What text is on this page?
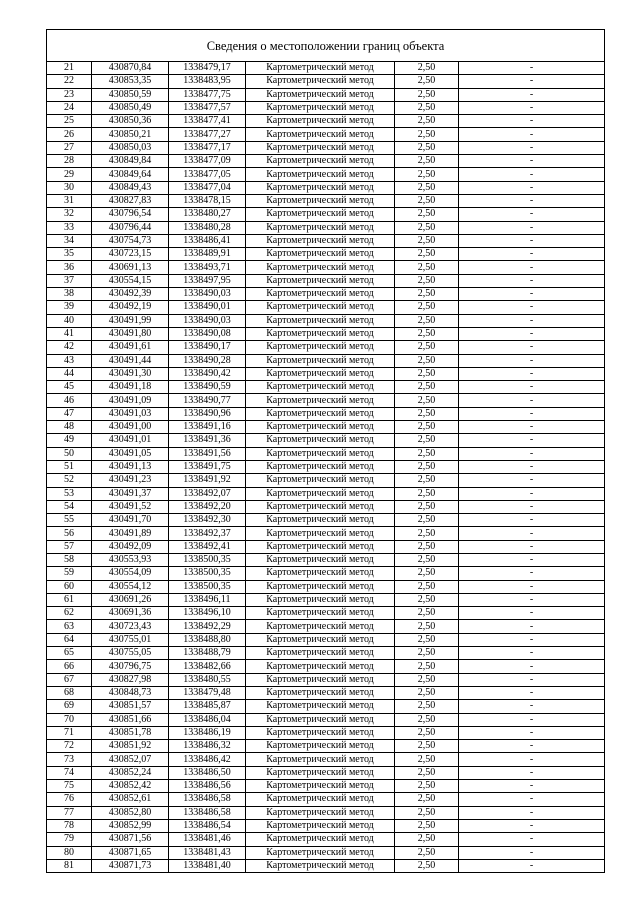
Сведения о местоположении границ объекта
21	430870,84	1338479,17	Картометрический метод	2,50	-
22	430853,35	1338483,95	Картометрический метод	2,50	-
23	430850,59	1338477,75	Картометрический метод	2,50	-
24	430850,49	1338477,57	Картометрический метод	2,50	-
25	430850,36	1338477,41	Картометрический метод	2,50	-
26	430850,21	1338477,27	Картометрический метод	2,50	-
27	430850,03	1338477,17	Картометрический метод	2,50	-
28	430849,84	1338477,09	Картометрический метод	2,50	-
29	430849,64	1338477,05	Картометрический метод	2,50	-
30	430849,43	1338477,04	Картометрический метод	2,50	-
31	430827,83	1338478,15	Картометрический метод	2,50	-
32	430796,54	1338480,27	Картометрический метод	2,50	-
33	430796,44	1338480,28	Картометрический метод	2,50	-
34	430754,73	1338486,41	Картометрический метод	2,50	-
35	430723,15	1338489,91	Картометрический метод	2,50	-
36	430691,13	1338493,71	Картометрический метод	2,50	-
37	430554,15	1338497,95	Картометрический метод	2,50	-
38	430492,39	1338490,03	Картометрический метод	2,50	-
39	430492,19	1338490,01	Картометрический метод	2,50	-
40	430491,99	1338490,03	Картометрический метод	2,50	-
41	430491,80	1338490,08	Картометрический метод	2,50	-
42	430491,61	1338490,17	Картометрический метод	2,50	-
43	430491,44	1338490,28	Картометрический метод	2,50	-
44	430491,30	1338490,42	Картометрический метод	2,50	-
45	430491,18	1338490,59	Картометрический метод	2,50	-
46	430491,09	1338490,77	Картометрический метод	2,50	-
47	430491,03	1338490,96	Картометрический метод	2,50	-
48	430491,00	1338491,16	Картометрический метод	2,50	-
49	430491,01	1338491,36	Картометрический метод	2,50	-
50	430491,05	1338491,56	Картометрический метод	2,50	-
51	430491,13	1338491,75	Картометрический метод	2,50	-
52	430491,23	1338491,92	Картометрический метод	2,50	-
53	430491,37	1338492,07	Картометрический метод	2,50	-
54	430491,52	1338492,20	Картометрический метод	2,50	-
55	430491,70	1338492,30	Картометрический метод	2,50	-
56	430491,89	1338492,37	Картометрический метод	2,50	-
57	430492,09	1338492,41	Картометрический метод	2,50	-
58	430553,93	1338500,35	Картометрический метод	2,50	-
59	430554,09	1338500,35	Картометрический метод	2,50	-
60	430554,12	1338500,35	Картометрический метод	2,50	-
61	430691,26	1338496,11	Картометрический метод	2,50	-
62	430691,36	1338496,10	Картометрический метод	2,50	-
63	430723,43	1338492,29	Картометрический метод	2,50	-
64	430755,01	1338488,80	Картометрический метод	2,50	-
65	430755,05	1338488,79	Картометрический метод	2,50	-
66	430796,75	1338482,66	Картометрический метод	2,50	-
67	430827,98	1338480,55	Картометрический метод	2,50	-
68	430848,73	1338479,48	Картометрический метод	2,50	-
69	430851,57	1338485,87	Картометрический метод	2,50	-
70	430851,66	1338486,04	Картометрический метод	2,50	-
71	430851,78	1338486,19	Картометрический метод	2,50	-
72	430851,92	1338486,32	Картометрический метод	2,50	-
73	430852,07	1338486,42	Картометрический метод	2,50	-
74	430852,24	1338486,50	Картометрический метод	2,50	-
75	430852,42	1338486,56	Картометрический метод	2,50	-
76	430852,61	1338486,58	Картометрический метод	2,50	-
77	430852,80	1338486,58	Картометрический метод	2,50	-
78	430852,99	1338486,54	Картометрический метод	2,50	-
79	430871,56	1338481,46	Картометрический метод	2,50	-
80	430871,65	1338481,43	Картометрический метод	2,50	-
81	430871,73	1338481,40	Картометрический метод	2,50	-
